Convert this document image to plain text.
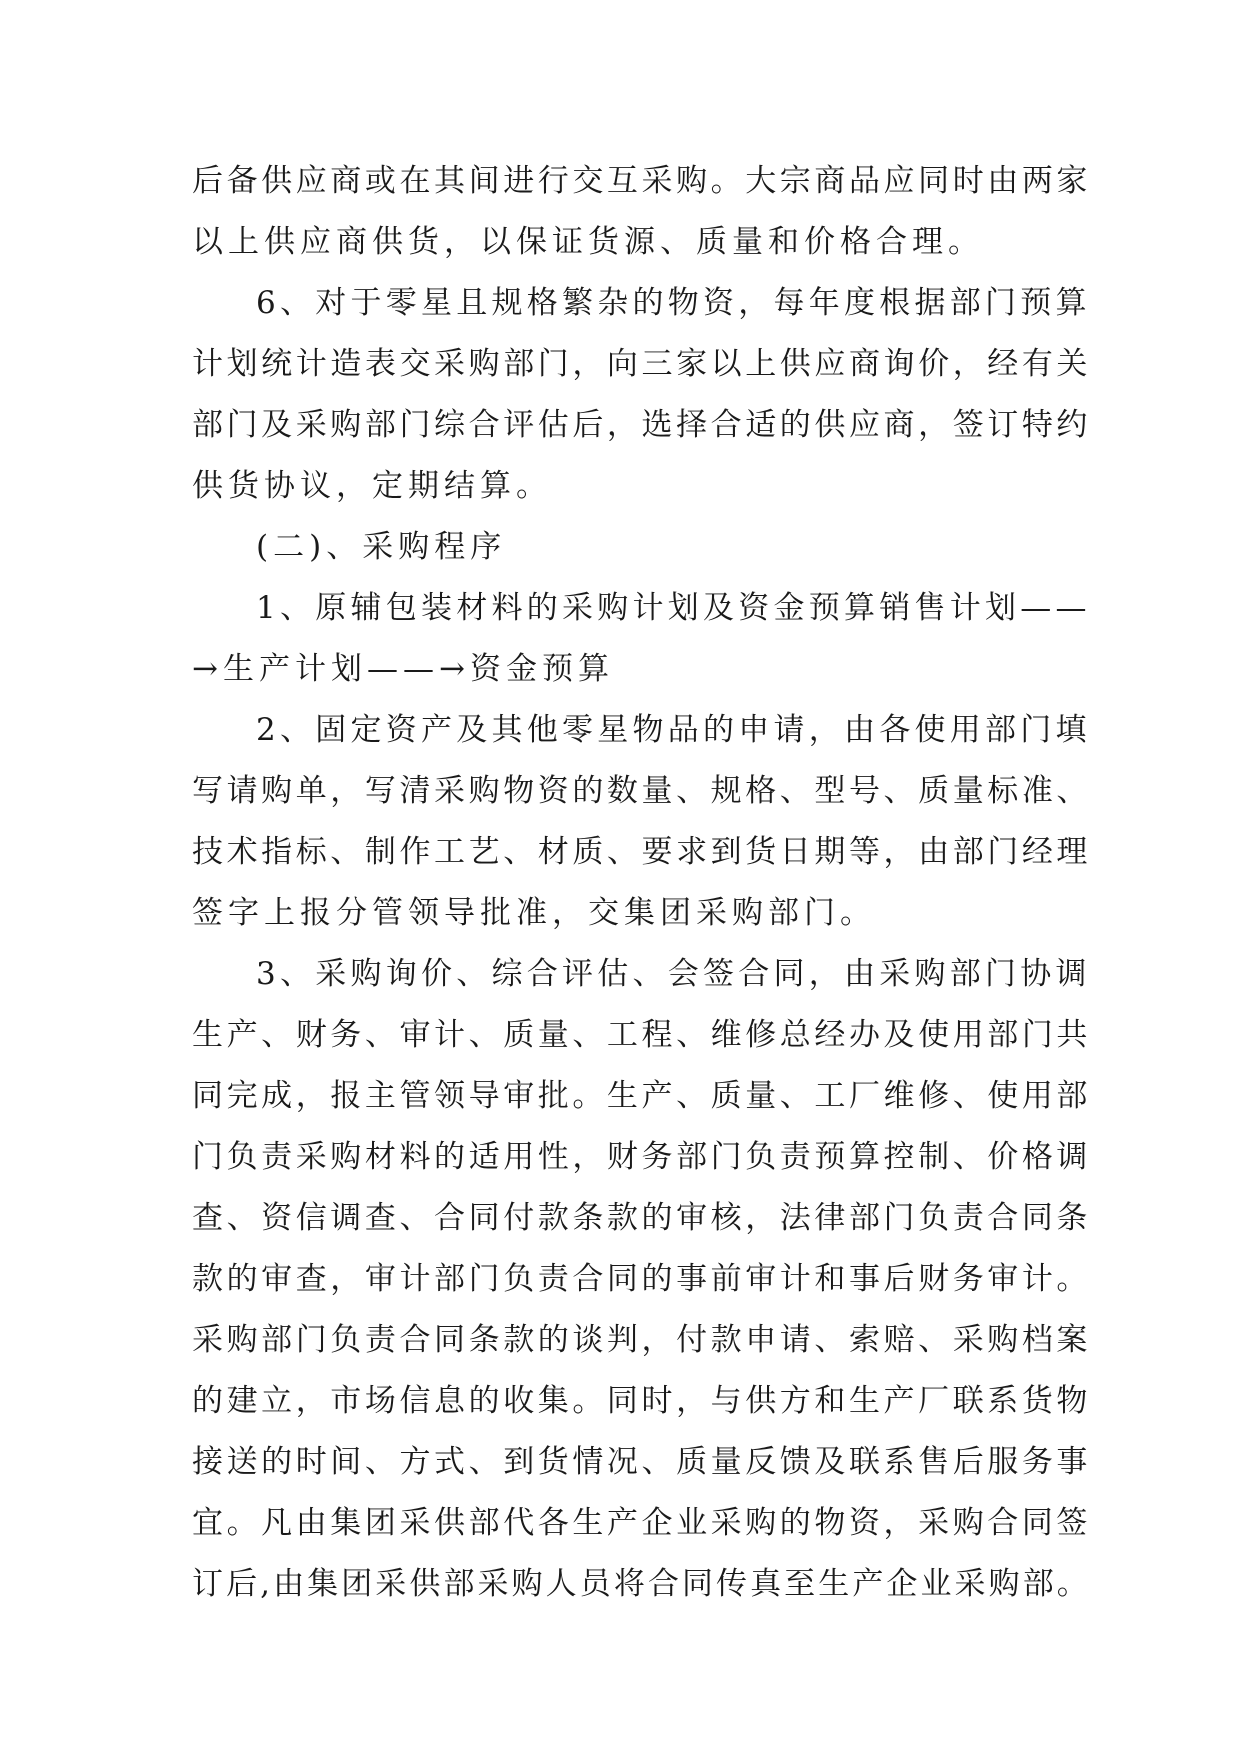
后备供应商或在其间进行交互采购。大宗商品应同时由两家
以上供应商供货，以保证货源、质量和价格合理。
6、对于零星且规格繁杂的物资，每年度根据部门预算
计划统计造表交采购部门，向三家以上供应商询价，经有关
部门及采购部门综合评估后，选择合适的供应商，签订特约
供货协议，定期结算。
(二)、采购程序
1、原辅包装材料的采购计划及资金预算销售计划——
→生产计划——→资金预算
2、固定资产及其他零星物品的申请，由各使用部门填
写请购单，写清采购物资的数量、规格、型号、质量标准、
技术指标、制作工艺、材质、要求到货日期等，由部门经理
签字上报分管领导批准，交集团采购部门。
3、采购询价、综合评估、会签合同，由采购部门协调
生产、财务、审计、质量、工程、维修总经办及使用部门共
同完成，报主管领导审批。生产、质量、工厂维修、使用部
门负责采购材料的适用性，财务部门负责预算控制、价格调
查、资信调查、合同付款条款的审核，法律部门负责合同条
款的审查，审计部门负责合同的事前审计和事后财务审计。
采购部门负责合同条款的谈判，付款申请、索赔、采购档案
的建立，市场信息的收集。同时，与供方和生产厂联系货物
接送的时间、方式、到货情况、质量反馈及联系售后服务事
宜。凡由集团采供部代各生产企业采购的物资，采购合同签
订后,由集团采供部采购人员将合同传真至生产企业采购部。
